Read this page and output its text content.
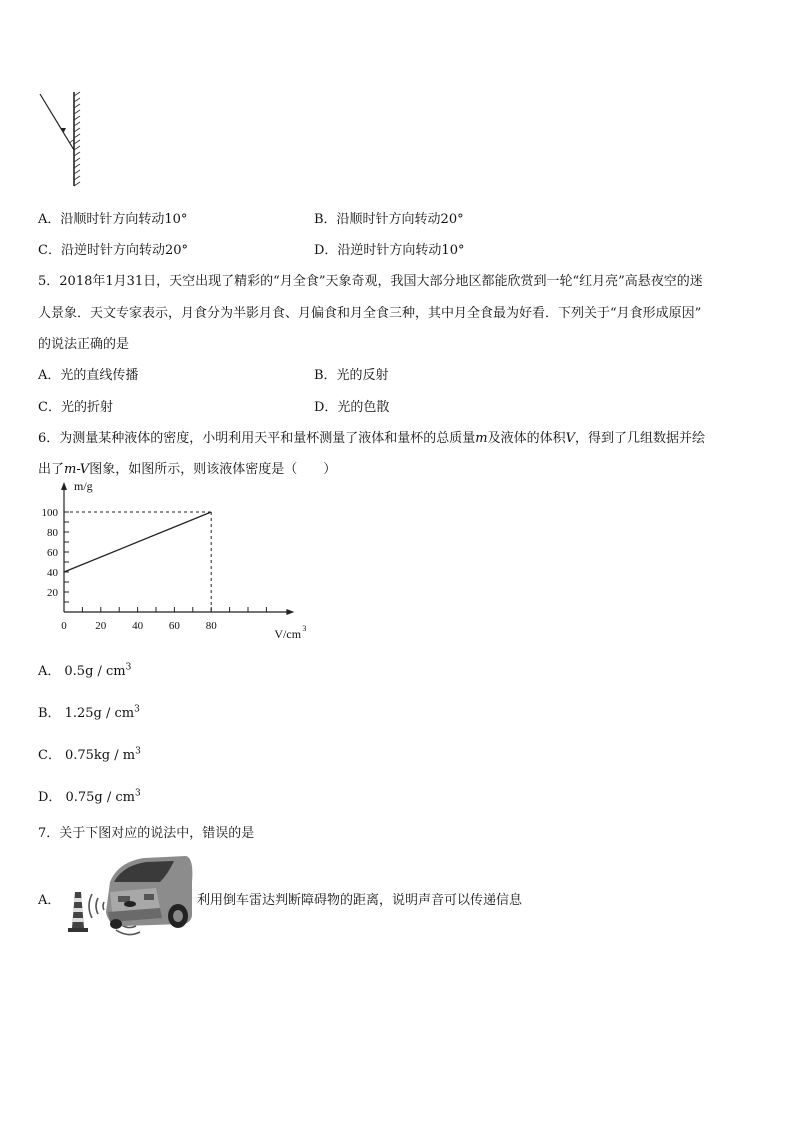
A．沿顺时针方向转动10°	B．沿顺时针方向转动20°
C．沿逆时针方向转动20°	D．沿逆时针方向转动10°
5．2018年1月31日，天空出现了精彩的“月全食”天象奇观，我国大部分地区都能欣赏到一轮“红月亮”高悬夜空的迷
人景象．天文专家表示，月食分为半影月食、月偏食和月全食三种，其中月全食最为好看．下列关于“月食形成原因”
的说法正确的是
A．光的直线传播	B．光的反射
C．光的折射	D．光的色散
6．为测量某种液体的密度，小明利用天平和量杯测量了液体和量杯的总质量m及液体的体积V，得到了几组数据并绘
出了m-V图象，如图所示，则该液体密度是（　　）
0	20 40 60 80
20
40
60
80
100
m/g
V/cm 3
A． $0.5g / cm^3$
B． $1.25g / cm^3$
C． $0.75kg / m^3$
D． $0.75g / cm^3$
7．关于下图对应的说法中，错误的是
A．	利用倒车雷达判断障碍物的距离，说明声音可以传递信息
